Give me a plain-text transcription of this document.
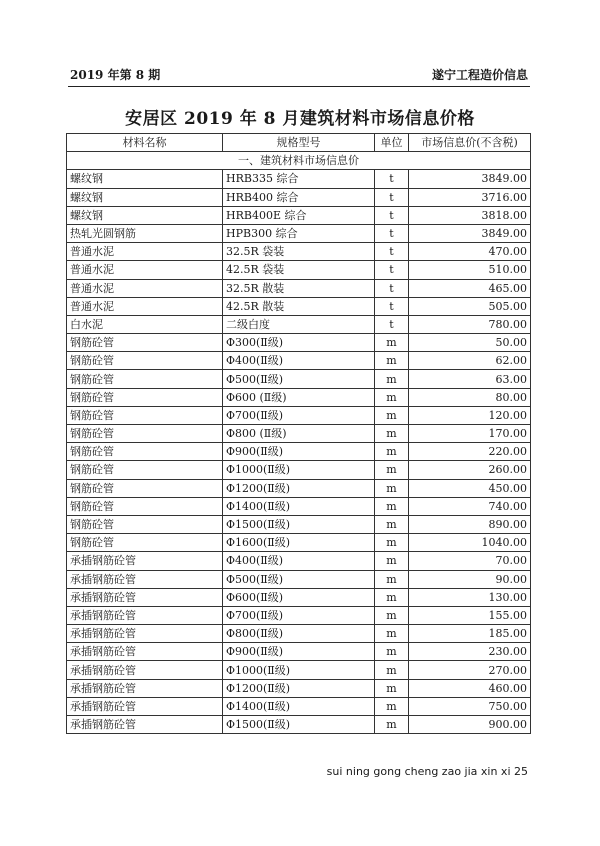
2019 年第 8 期	遂宁工程造价信息
安居区 2019 年 8 月建筑材料市场信息价格
材料名称	规格型号	单位	市场信息价(不含税)
一、建筑材料市场信息价			
螺纹钢	HRB335 综合	t	3849.00
螺纹钢	HRB400 综合	t	3716.00
螺纹钢	HRB400E 综合	t	3818.00
热轧光圆钢筋	HPB300 综合	t	3849.00
普通水泥	32.5R 袋装	t	470.00
普通水泥	42.5R 袋装	t	510.00
普通水泥	32.5R 散装	t	465.00
普通水泥	42.5R 散装	t	505.00
白水泥	二级白度	t	780.00
钢筋砼管	Φ300(Ⅱ级)	m	50.00
钢筋砼管	Φ400(Ⅱ级)	m	62.00
钢筋砼管	Φ500(Ⅱ级)	m	63.00
钢筋砼管	Φ600 (Ⅱ级)	m	80.00
钢筋砼管	Φ700(Ⅱ级)	m	120.00
钢筋砼管	Φ800 (Ⅱ级)	m	170.00
钢筋砼管	Φ900(Ⅱ级)	m	220.00
钢筋砼管	Φ1000(Ⅱ级)	m	260.00
钢筋砼管	Φ1200(Ⅱ级)	m	450.00
钢筋砼管	Φ1400(Ⅱ级)	m	740.00
钢筋砼管	Φ1500(Ⅱ级)	m	890.00
钢筋砼管	Φ1600(Ⅱ级)	m	1040.00
承插钢筋砼管	Φ400(Ⅱ级)	m	70.00
承插钢筋砼管	Φ500(Ⅱ级)	m	90.00
承插钢筋砼管	Φ600(Ⅱ级)	m	130.00
承插钢筋砼管	Φ700(Ⅱ级)	m	155.00
承插钢筋砼管	Φ800(Ⅱ级)	m	185.00
承插钢筋砼管	Φ900(Ⅱ级)	m	230.00
承插钢筋砼管	Φ1000(Ⅱ级)	m	270.00
承插钢筋砼管	Φ1200(Ⅱ级)	m	460.00
承插钢筋砼管	Φ1400(Ⅱ级)	m	750.00
承插钢筋砼管	Φ1500(Ⅱ级)	m	900.00
sui ning gong cheng zao jia xin xi 25
